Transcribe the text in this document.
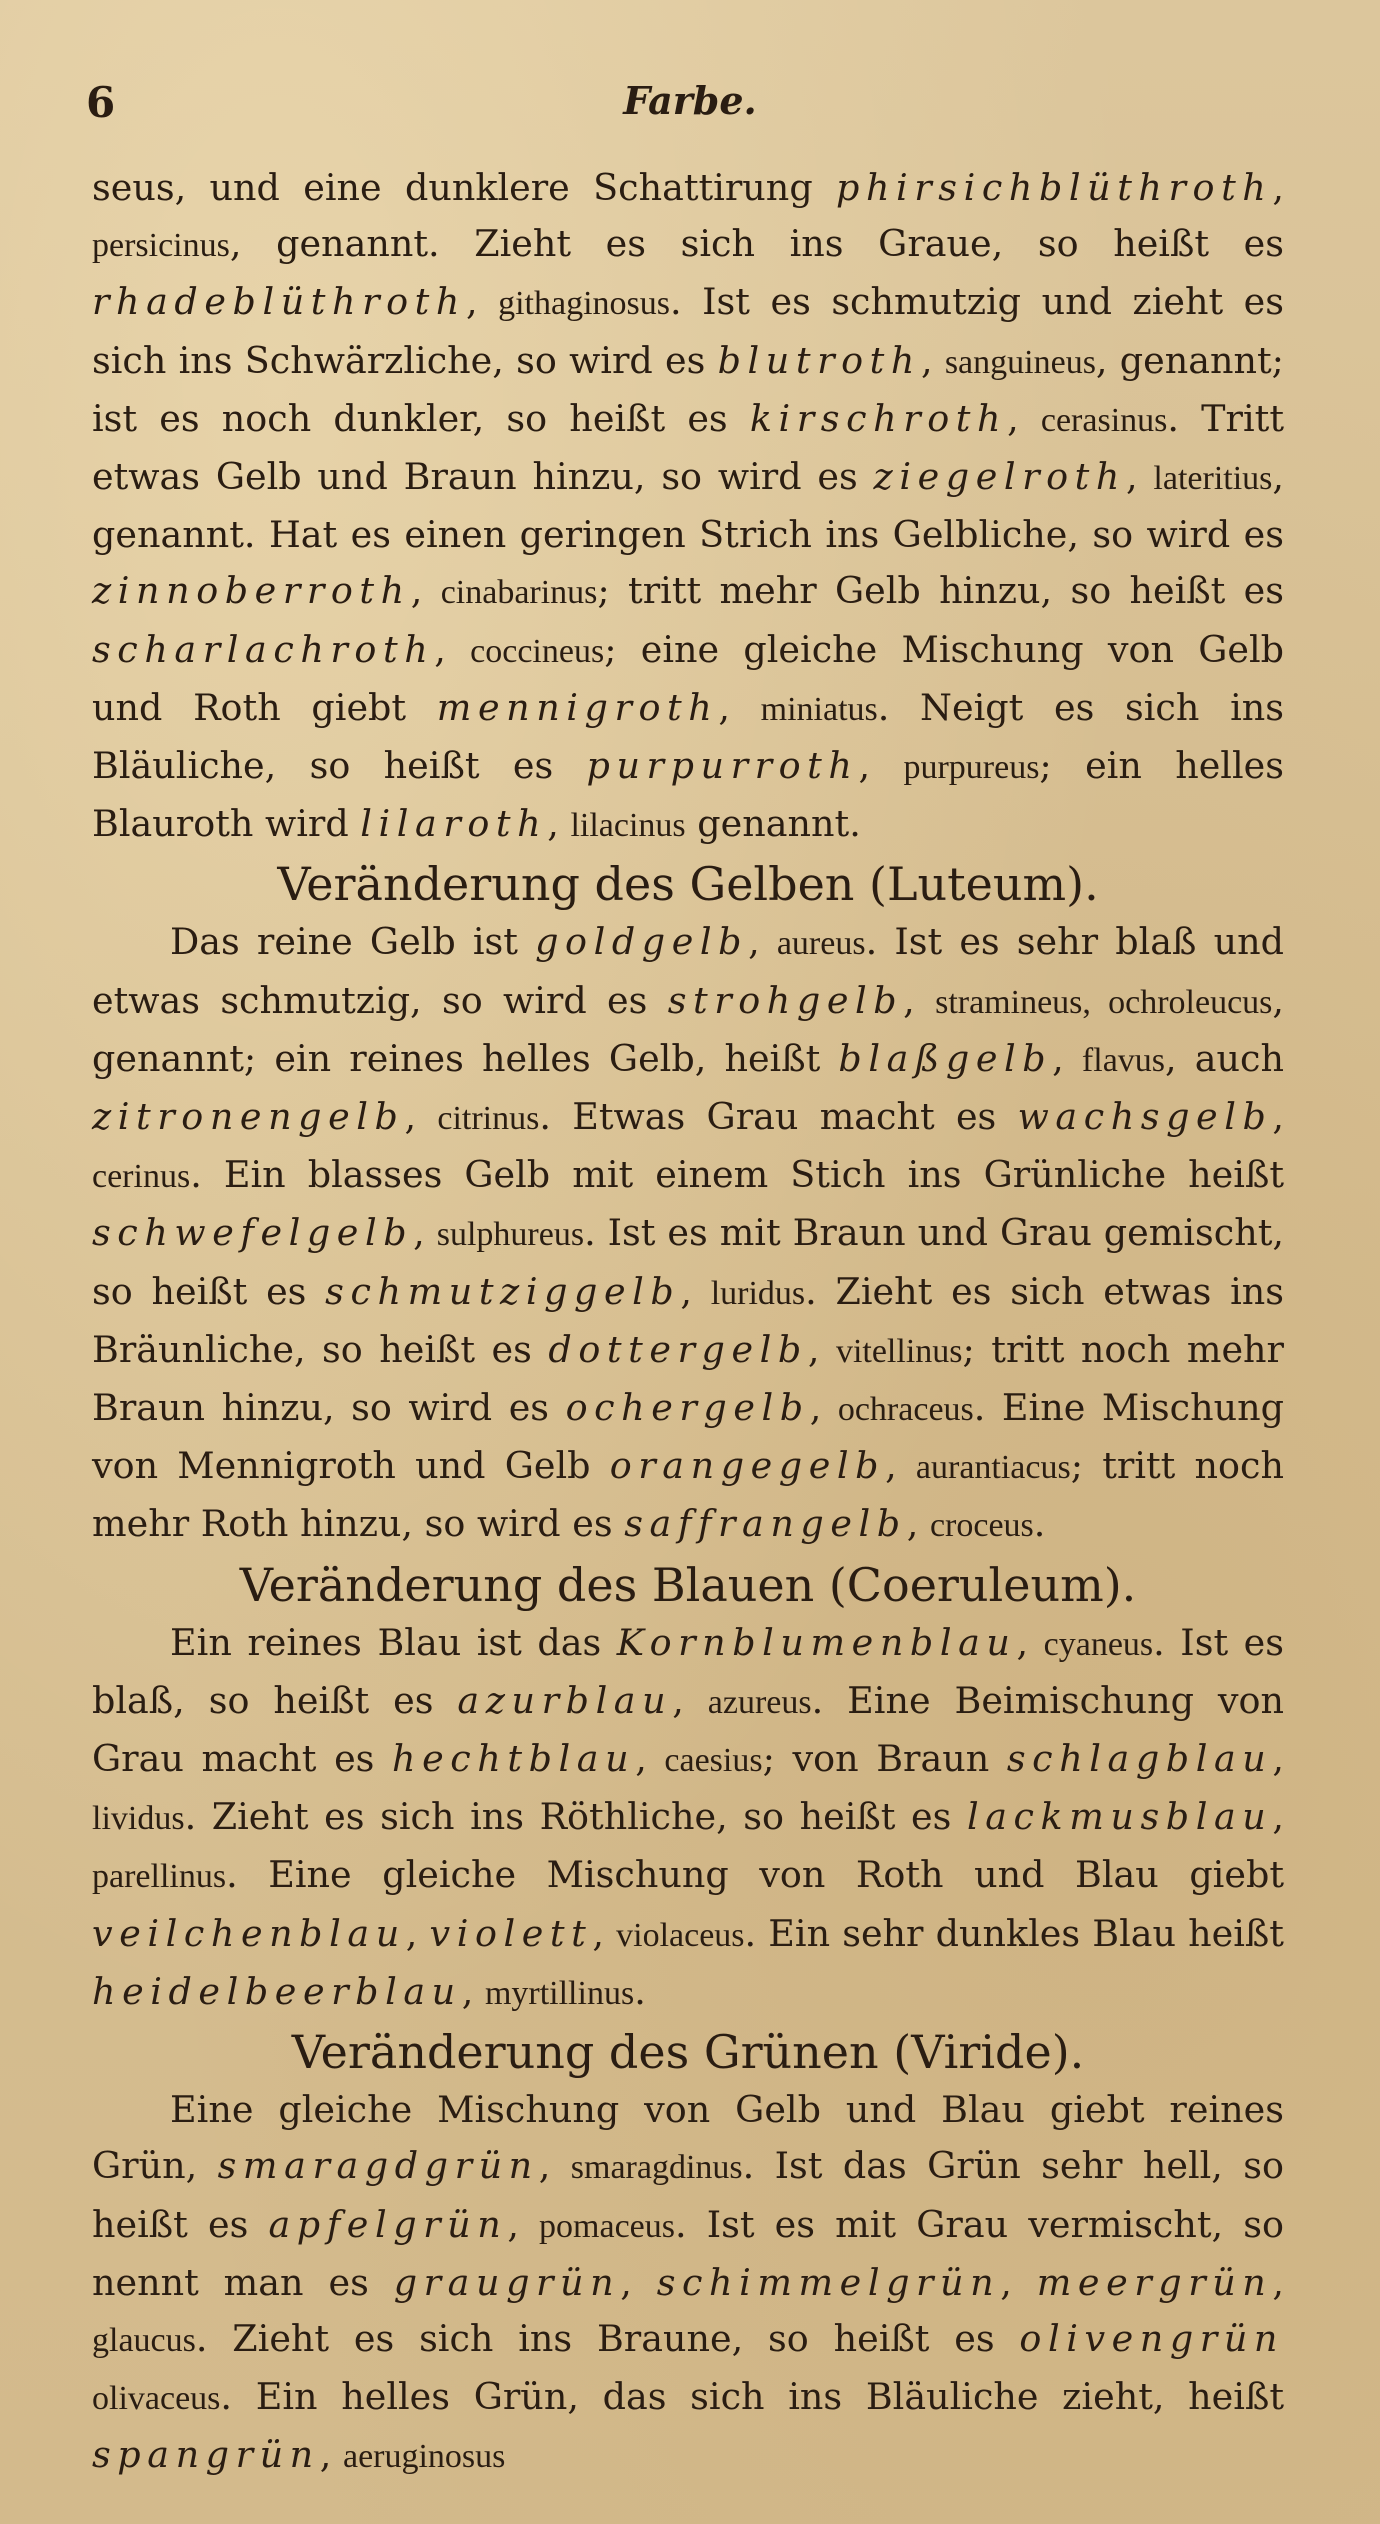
6	Farbe.

seus, und eine dunklere Schattirung phirsichblüthroth, persicinus, genannt. Zieht es sich ins Graue, so heißt es rhadeblüthroth, githaginosus. Ist es schmutzig und zieht es sich ins Schwärzliche, so wird es blutroth, sanguineus, genannt; ist es noch dunkler, so heißt es kirschroth, cerasinus. Tritt etwas Gelb und Braun hinzu, so wird es ziegelroth, lateritius, genannt. Hat es einen geringen Strich ins Gelbliche, so wird es zinnoberroth, cinabarinus; tritt mehr Gelb hinzu, so heißt es scharlachroth, coccineus; eine gleiche Mischung von Gelb und Roth giebt mennigroth, miniatus. Neigt es sich ins Bläuliche, so heißt es purpurroth, purpureus; ein helles Blauroth wird lilaroth, lilacinus genannt.

Veränderung des Gelben (Luteum).

Das reine Gelb ist goldgelb, aureus. Ist es sehr blaß und etwas schmutzig, so wird es strohgelb, stramineus, ochroleucus, genannt; ein reines helles Gelb, heißt blaßgelb, flavus, auch zitronengelb, citrinus. Etwas Grau macht es wachsgelb, cerinus. Ein blasses Gelb mit einem Stich ins Grünliche heißt schwefelgelb, sulphureus. Ist es mit Braun und Grau gemischt, so heißt es schmutziggelb, luridus. Zieht es sich etwas ins Bräunliche, so heißt es dottergelb, vitellinus; tritt noch mehr Braun hinzu, so wird es ochergelb, ochraceus. Eine Mischung von Mennigroth und Gelb orangegelb, aurantiacus; tritt noch mehr Roth hinzu, so wird es saffrangelb, croceus.

Veränderung des Blauen (Coeruleum).

Ein reines Blau ist das Kornblumenblau, cyaneus. Ist es blaß, so heißt es azurblau, azureus. Eine Beimischung von Grau macht es hechtblau, caesius; von Braun schlagblau, lividus. Zieht es sich ins Röthliche, so heißt es lackmusblau, parellinus. Eine gleiche Mischung von Roth und Blau giebt veilchenblau, violett, violaceus. Ein sehr dunkles Blau heißt heidelbeerblau, myrtillinus.

Veränderung des Grünen (Viride).

Eine gleiche Mischung von Gelb und Blau giebt reines Grün, smaragdgrün, smaragdinus. Ist das Grün sehr hell, so heißt es apfelgrün, pomaceus. Ist es mit Grau vermischt, so nennt man es graugrün, schimmelgrün, meergrün, glaucus. Zieht es sich ins Braune, so heißt es olivengrün olivaceus. Ein helles Grün, das sich ins Bläuliche zieht, heißt spangrün, aeruginosus
